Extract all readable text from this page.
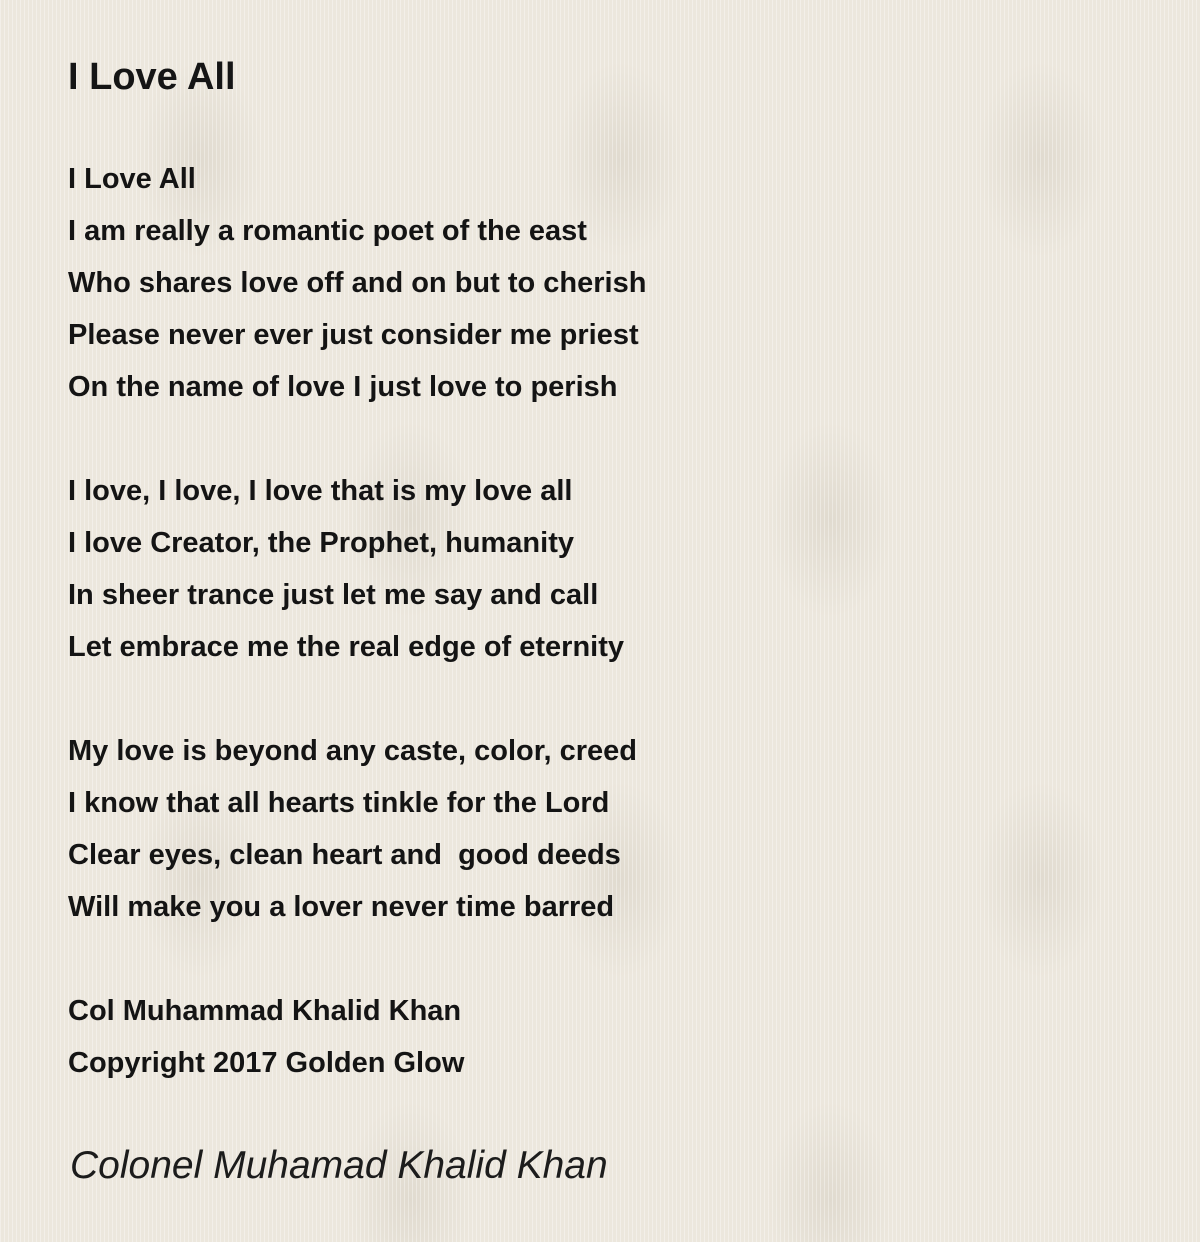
I Love All
I Love All
I am really a romantic poet of the east
Who shares love off and on but to cherish
Please never ever just consider me priest
On the name of love I just love to perish
I love, I love, I love that is my love all
I love Creator, the Prophet, humanity
In sheer trance just let me say and call
Let embrace me the real edge of eternity
My love is beyond any caste, color, creed
I know that all hearts tinkle for the Lord
Clear eyes, clean heart and  good deeds
Will make you a lover never time barred
Col Muhammad Khalid Khan
Copyright 2017 Golden Glow
Colonel Muhamad Khalid Khan
